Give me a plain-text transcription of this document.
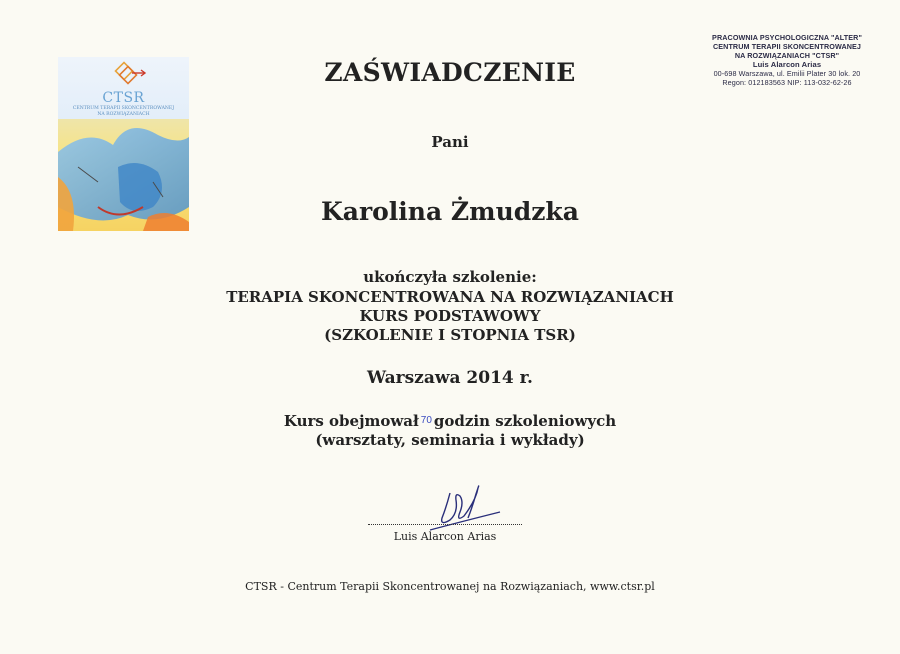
CTSR
CENTRUM TERAPII SKONCENTROWANEJ
NA ROZWIĄZANIACH
PRACOWNIA PSYCHOLOGICZNA "ALTER"
CENTRUM TERAPII SKONCENTROWANEJ
NA ROZWIĄZANIACH "CTSR"
Luis Alarcon Arias
00-698 Warszawa, ul. Emilii Plater 30 lok. 20
Regon: 012183563 NIP: 113-032-62-26
ZAŚWIADCZENIE
Pani
Karolina Żmudzka
ukończyła szkolenie:
TERAPIA SKONCENTROWANA NA ROZWIĄZANIACH
KURS PODSTAWOWY
(SZKOLENIE I STOPNIA TSR)
Warszawa 2014 r.
Kurs obejmował $^{70}$ godzin szkoleniowych
(warsztaty, seminaria i wykłady)
Luis Alarcon Arias
CTSR - Centrum Terapii Skoncentrowanej na Rozwiązaniach, www.ctsr.pl
